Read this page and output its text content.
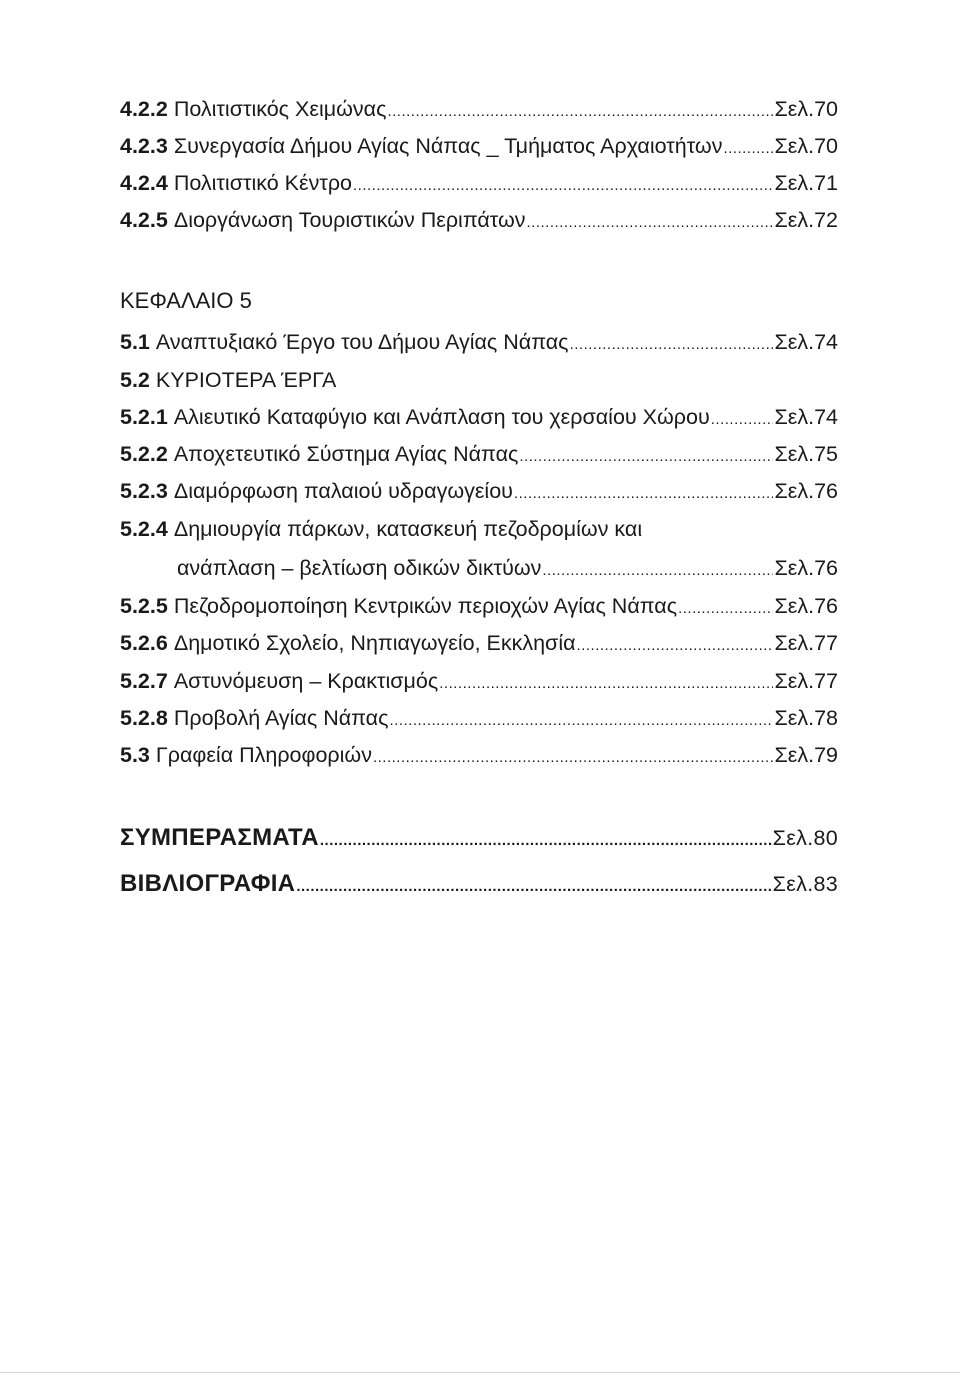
4.2.2 Πολιτιστικός Χειμώνας .....	Σελ.70
4.2.3 Συνεργασία Δήμου Αγίας Νάπας _ Τμήματος Αρχαιοτήτων ..... Σελ.70
4.2.4 Πολιτιστικό Κέντρο .....	Σελ.71
4.2.5 Διοργάνωση Τουριστικών Περιπάτων .....	Σελ.72
ΚΕΦΑΛΑΙΟ 5
5.1 Αναπτυξιακό Έργο του Δήμου Αγίας Νάπας .....	Σελ.74
5.2 ΚΥΡΙΟΤΕΡΑ ΈΡΓΑ
5.2.1 Αλιευτικό Καταφύγιο και Ανάπλαση του χερσαίου Χώρου .....	Σελ.74
5.2.2 Αποχετευτικό Σύστημα Αγίας Νάπας .....	Σελ.75
5.2.3 Διαμόρφωση παλαιού υδραγωγείου .....	Σελ.76
5.2.4 Δημιουργία πάρκων, κατασκευή πεζοδρομίων και
ανάπλαση – βελτίωση οδικών δικτύων .....	Σελ.76
5.2.5 Πεζοδρομοποίηση Κεντρικών περιοχών Αγίας Νάπας .....	Σελ.76
5.2.6 Δημοτικό Σχολείο, Νηπιαγωγείο, Εκκλησία .....	Σελ.77
5.2.7 Αστυνόμευση – Κρακτισμός .....	Σελ.77
5.2.8 Προβολή Αγίας Νάπας .....	Σελ.78
5.3 Γραφεία Πληροφοριών .....	Σελ.79
ΣΥΜΠΕΡΑΣΜΑΤΑ .....	Σελ.80
ΒΙΒΛΙΟΓΡΑΦΙΑ .....	Σελ.83
